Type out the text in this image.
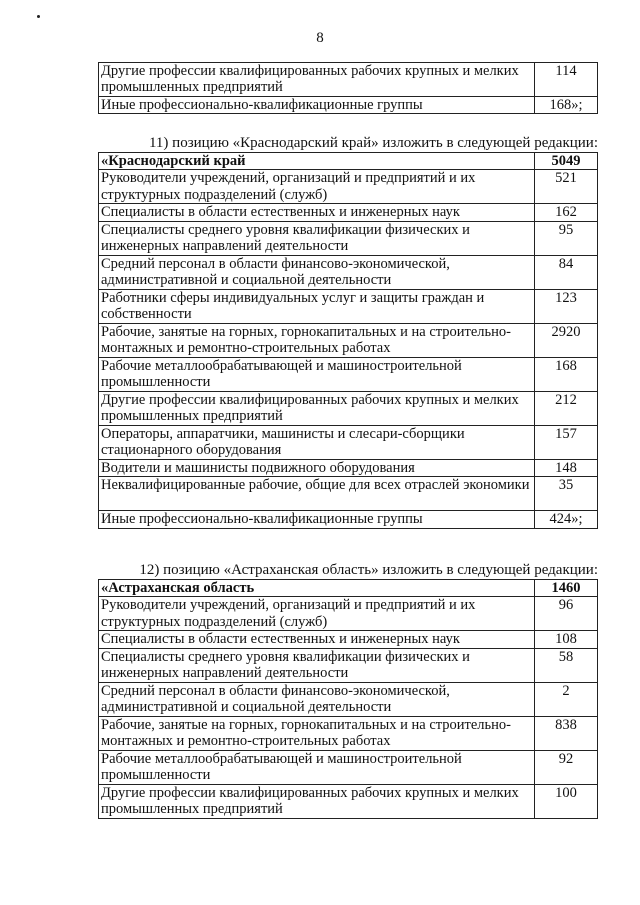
8
Другие профессии квалифицированных рабочих крупных и мелких промышленных предприятий	114
Иные профессионально-квалификационные группы	168»;
11) позицию «Краснодарский край» изложить в следующей редакции:
«Краснодарский край	5049
Руководители учреждений, организаций и предприятий и их структурных подразделений (служб)	521
Специалисты в области естественных и инженерных наук	162
Специалисты среднего уровня квалификации физических и инженерных направлений деятельности	95
Средний персонал в области финансово-экономической, административной и социальной деятельности	84
Работники сферы индивидуальных услуг и защиты граждан и собственности	123
Рабочие, занятые на горных, горнокапитальных и на строительно-монтажных и ремонтно-строительных работах	2920
Рабочие металлообрабатывающей и машиностроительной промышленности	168
Другие профессии квалифицированных рабочих крупных и мелких промышленных предприятий	212
Операторы, аппаратчики, машинисты и слесари-сборщики стационарного оборудования	157
Водители и машинисты подвижного оборудования	148
Неквалифицированные рабочие, общие для всех отраслей экономики	35
Иные профессионально-квалификационные группы	424»;
12) позицию «Астраханская область» изложить в следующей редакции:
«Астраханская область	1460
Руководители учреждений, организаций и предприятий и их структурных подразделений (служб)	96
Специалисты в области естественных и инженерных наук	108
Специалисты среднего уровня квалификации физических и инженерных направлений деятельности	58
Средний персонал в области финансово-экономической, административной и социальной деятельности	2
Рабочие, занятые на горных, горнокапитальных и на строительно-монтажных и ремонтно-строительных работах	838
Рабочие металлообрабатывающей и машиностроительной промышленности	92
Другие профессии квалифицированных рабочих крупных и мелких промышленных предприятий	100
